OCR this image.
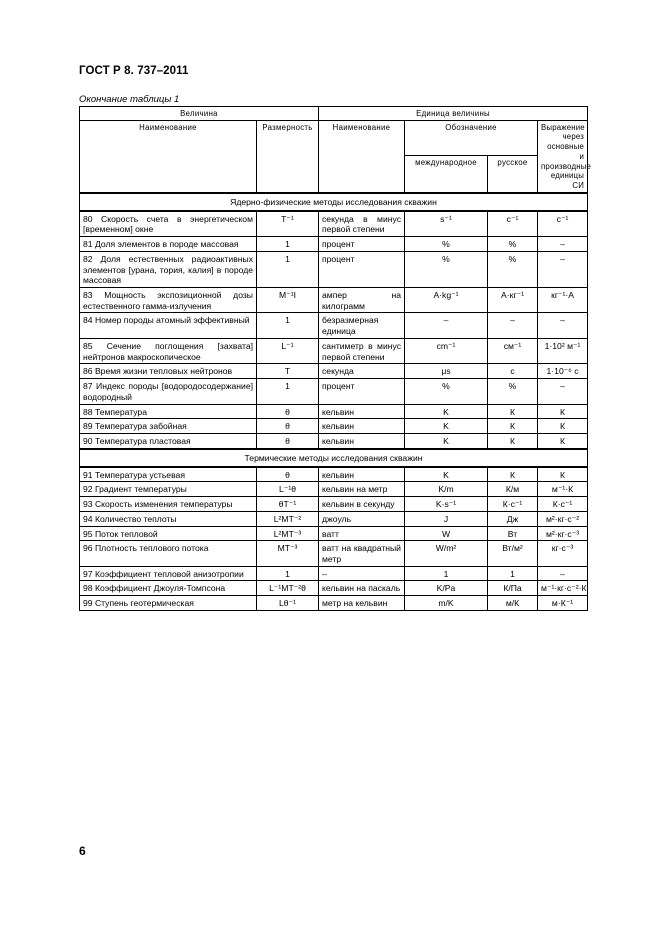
ГОСТ Р 8. 737–2011
Окончание таблицы 1
Величина		Единица величины			
Наименование	Размерность	Наименование	Обозначение		Выражение через основные
и производные единицы СИ

			международное	русское	
Ядерно-физические методы исследования скважин					
80 Скорость счета в энергетическом [временном] окне	T⁻¹	секунда в минус первой степени	s⁻¹	с⁻¹	с⁻¹
81 Доля элементов в породе массовая	1	процент	%	%	–
82 Доля естественных радиоактивных элементов [урана, тория, калия] в породе массовая	1	процент	%	%	–
83 Мощность экспозиционной дозы естественного гамма-излучения	M⁻¹I	ампер на килограмм	A·kg⁻¹	А·кг⁻¹	кг⁻¹·А
84 Номер породы атомный эффективный	1	безразмерная единица	–	–	–
85 Сечение поглощения [захвата] нейтронов макроскопическое	L⁻¹	сантиметр в минус первой степени	cm⁻¹	см⁻¹	1·10² м⁻¹
86 Время жизни тепловых нейтронов	T	секунда	μs	с	1·10⁻⁶ с
87 Индекс породы [водородосодержание] водородный	1	процент	%	%	–
88 Температура	θ	кельвин	K	К	К
89 Температура забойная	θ	кельвин	K	К	К
90 Температура пластовая	θ	кельвин	K	К	К
Термические методы исследования скважин					
91 Температура устьевая	θ	кельвин	K	К	К
92 Градиент температуры	L⁻¹θ	кельвин на метр	K/m	К/м	м⁻¹·К
93 Скорость изменения температуры	θT⁻¹	кельвин в секунду	K·s⁻¹	К·с⁻¹	К·с⁻¹
94 Количество теплоты	L²MT⁻²	джоуль	J	Дж	м²·кг·с⁻²
95 Поток тепловой	L²MT⁻³	ватт	W	Вт	м²·кг·с⁻³
96 Плотность теплового потока	MT⁻³	ватт на квадратный метр	W/m²	Вт/м²	кг·с⁻³
97 Коэффициент тепловой анизотропии	1	–	1	1	–
98 Коэффициент Джоуля-Томпсона	L⁻¹MT⁻²θ	кельвин на паскаль	K/Pa	К/Па	м⁻¹·кг·с⁻²·К
99 Ступень геотермическая	Lθ⁻¹	метр на кельвин	m/K	м/К	м·К⁻¹
6
